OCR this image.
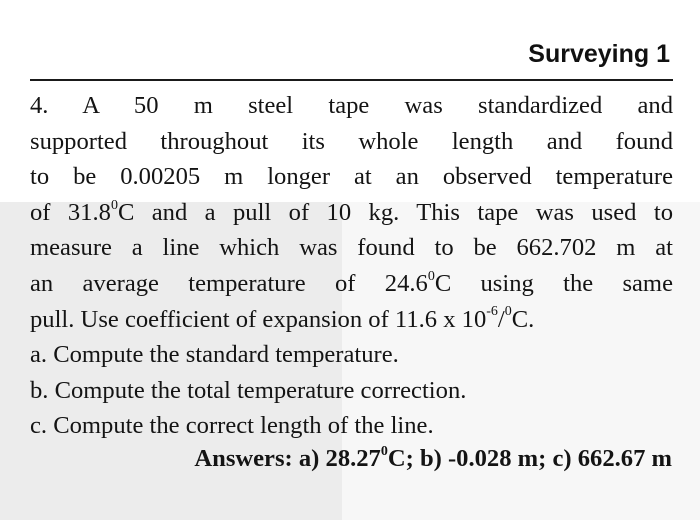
Surveying 1
4. A 50 m steel tape was standardized and
supported throughout its whole length and found
to be 0.00205 m longer at an observed temperature
of 31.8$^0$C and a pull of 10 kg. This tape was used to
measure a line which was found to be 662.702 m at
an average temperature of 24.6$^0$C using the same
pull. Use coefficient of expansion of 11.6 x $10^{-6}/^0C$.
a. Compute the standard temperature.
b. Compute the total temperature correction.
c. Compute the correct length of the line.
Answers: a) 28.27$^0$C; b) -0.028 m; c) 662.67 m
